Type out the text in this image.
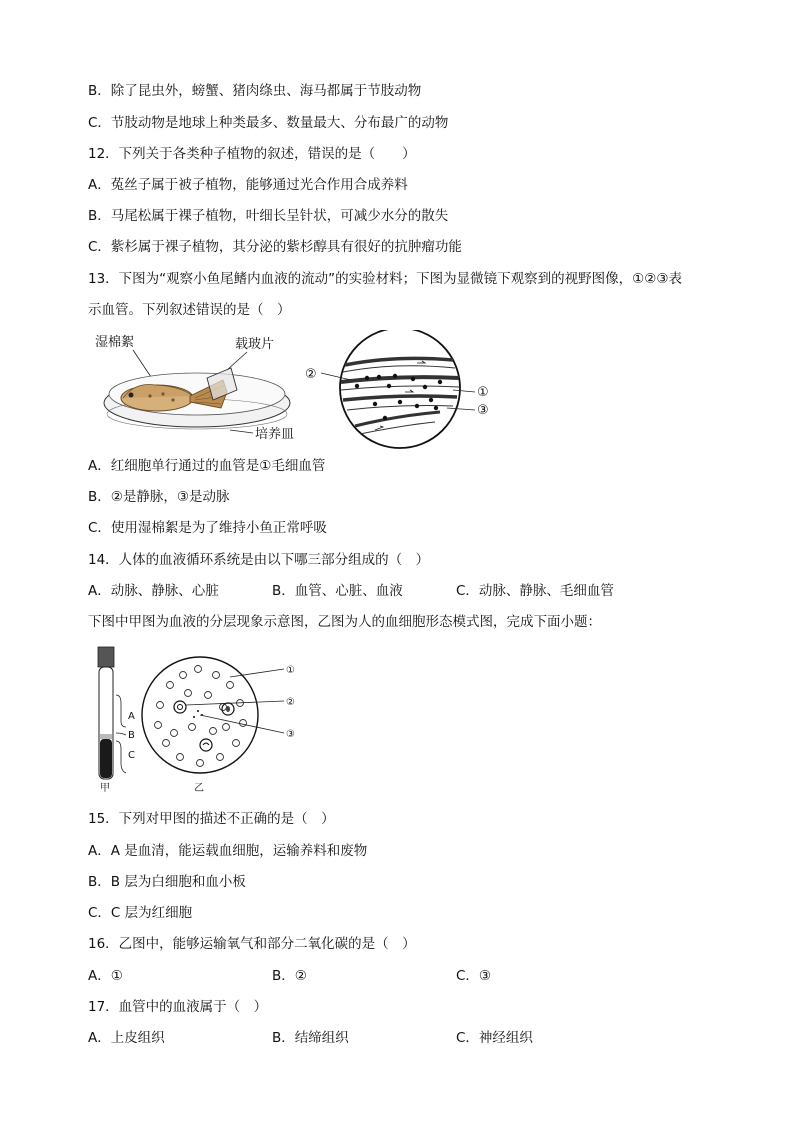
B．除了昆虫外，螃蟹、猪肉绦虫、海马都属于节肢动物
C．节肢动物是地球上种类最多、数量最大、分布最广的动物
12．下列关于各类种子植物的叙述，错误的是（　　）
A．菟丝子属于被子植物，能够通过光合作用合成养料
B．马尾松属于裸子植物，叶细长呈针状，可减少水分的散失
C．紫杉属于裸子植物，其分泌的紫杉醇具有很好的抗肿瘤功能
13．下图为“观察小鱼尾鳍内血液的流动”的实验材料；下图为显微镜下观察到的视野图像，①②③表
示血管。下列叙述错误的是（　）
湿棉絮	载玻片
培养皿
②
①
③
A．红细胞单行通过的血管是①毛细血管
B．②是静脉，③是动脉
C．使用湿棉絮是为了维持小鱼正常呼吸
14．人体的血液循环系统是由以下哪三部分组成的（　）
A．动脉、静脉、心脏	B．血管、心脏、血液	C．动脉、静脉、毛细血管
下图中甲图为血液的分层现象示意图，乙图为人的血细胞形态模式图，完成下面小题：
A
B
C
甲
①
②
③
乙
15．下列对甲图的描述不正确的是（　）
A．A 是血清，能运载血细胞，运输养料和废物
B．B 层为白细胞和血小板
C．C 层为红细胞
16．乙图中，能够运输氧气和部分二氧化碳的是（　）
A．①	B．②	C．③
17．血管中的血液属于（　）
A．上皮组织	B．结缔组织	C．神经组织
